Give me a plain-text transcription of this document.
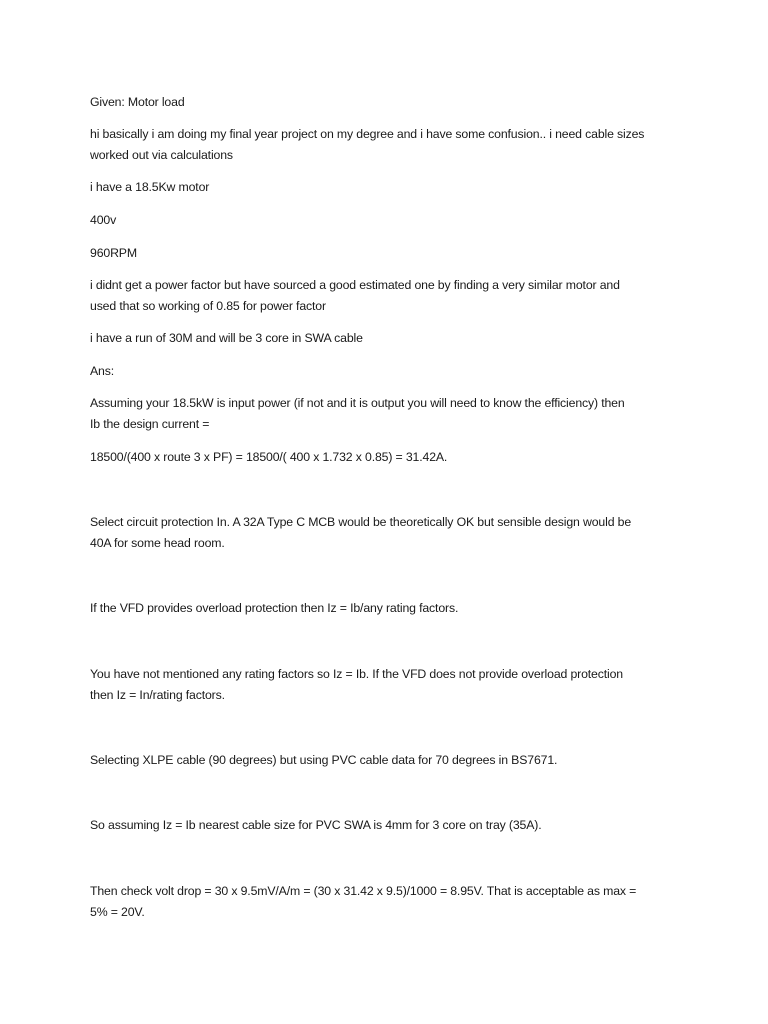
Given: Motor load

hi basically i am doing my final year project on my degree and i have some confusion.. i need cable sizes
worked out via calculations

i have a 18.5Kw motor

400v

960RPM

i didnt get a power factor but have sourced a good estimated one by finding a very similar motor and
used that so working of 0.85 for power factor

i have a run of 30M and will be 3 core in SWA cable

Ans:

Assuming your 18.5kW is input power (if not and it is output you will need to know the efficiency) then
Ib the design current =

18500/(400 x route 3 x PF) = 18500/( 400 x 1.732 x 0.85) = 31.42A.

Select circuit protection In. A 32A Type C MCB would be theoretically OK but sensible design would be
40A for some head room.

If the VFD provides overload protection then Iz = Ib/any rating factors.

You have not mentioned any rating factors so Iz = Ib. If the VFD does not provide overload protection
then Iz = In/rating factors.

Selecting XLPE cable (90 degrees) but using PVC cable data for 70 degrees in BS7671.

So assuming Iz = Ib nearest cable size for PVC SWA is 4mm for 3 core on tray (35A).

Then check volt drop = 30 x 9.5mV/A/m = (30 x 31.42 x 9.5)/1000 = 8.95V. That is acceptable as max =
5% = 20V.
